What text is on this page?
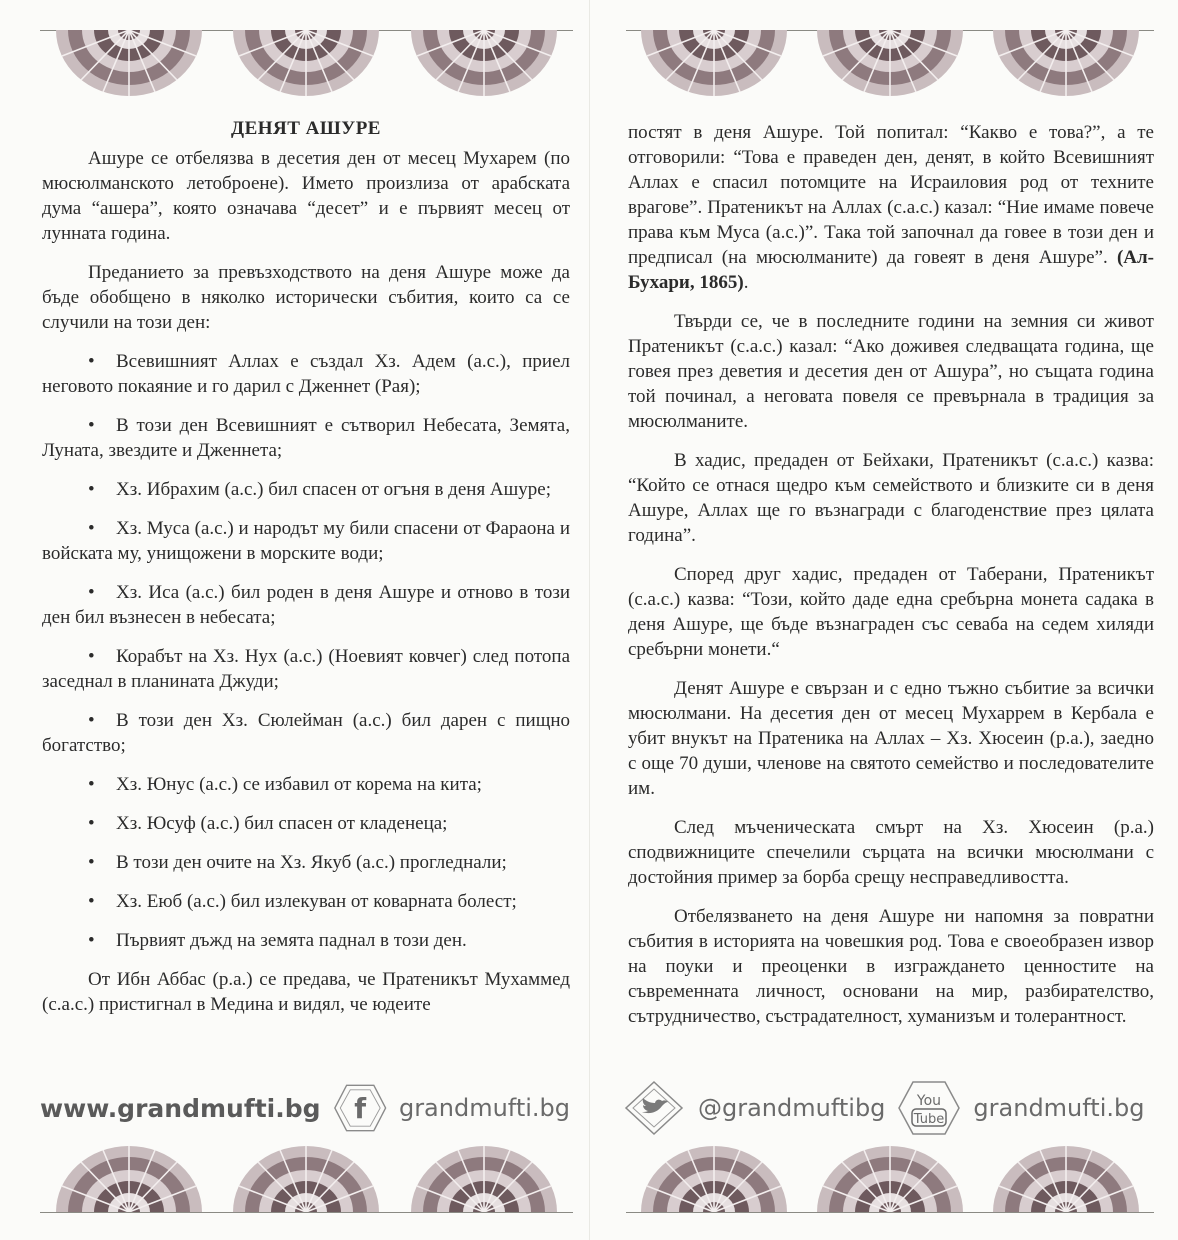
ДЕНЯТ АШУРЕ

Ашуре се отбелязва в десетия ден от месец Мухарем (по мюсюлманското летоброене). Името произлиза от арабската дума “ашера”, която означава “десет” и е първият месец от лунната година.

Преданието за превъзходството на деня Ашуре може да бъде обобщено в няколко исторически събития, които са се случили на този ден:

• Всевишният Аллах е създал Хз. Адем (а.с.), приел неговото покаяние и го дарил с Дженнет (Рая);
• В този ден Всевишният е сътворил Небесата, Земята, Луната, звездите и Дженнета;
• Хз. Ибрахим (а.с.) бил спасен от огъня в деня Ашуре;
• Хз. Муса (а.с.) и народът му били спасени от Фараона и войската му, унищожени в морските води;
• Хз. Иса (а.с.) бил роден в деня Ашуре и отново в този ден бил възнесен в небесата;
• Корабът на Хз. Нух (а.с.) (Ноевият ковчег) след потопа заседнал в планината Джуди;
• В този ден Хз. Сюлейман (а.с.) бил дарен с пищно богатство;
• Хз. Юнус (а.с.) се избавил от корема на кита;
• Хз. Юсуф (а.с.) бил спасен от кладенеца;
• В този ден очите на Хз. Якуб (а.с.) прогледнали;
• Хз. Еюб (а.с.) бил излекуван от коварната болест;
• Първият дъжд на земята паднал в този ден.

От Ибн Аббас (р.а.) се предава, че Пратеникът Мухаммед (с.а.с.) пристигнал в Медина и видял, че юдеите

www.grandmufti.bg f grandmufti.bg

постят в деня Ашуре. Той попитал: “Какво е това?”, а те отговорили: “Това е праведен ден, денят, в който Всевишният Аллах е спасил потомците на Исраиловия род от техните врагове”. Пратеникът на Аллах (с.а.с.) казал: “Ние имаме повече права към Муса (а.с.)”. Така той започнал да говее в този ден и предписал (на мюсюлманите) да говеят в деня Ашуре”. (Ал-Бухари, 1865).

Твърди се, че в последните години на земния си живот Пратеникът (с.а.с.) казал: “Ако доживея следващата година, ще говея през деветия и десетия ден от Ашура”, но същата година той починал, а неговата повеля се превърнала в традиция за мюсюлманите.

В хадис, предаден от Бейхаки, Пратеникът (с.а.с.) казва: “Който се отнася щедро към семейството и близките си в деня Ашуре, Аллах ще го възнагради с благоденствие през цялата година”.

Според друг хадис, предаден от Таберани, Пратеникът (с.а.с.) казва: “Този, който даде една сребърна монета садака в деня Ашуре, ще бъде възнаграден със севаба на седем хиляди сребърни монети.“

Денят Ашуре е свързан и с едно тъжно събитие за всички мюсюлмани. На десетия ден от месец Мухаррем в Кербала е убит внукът на Пратеника на Аллах – Хз. Хюсеин (р.а.), заедно с още 70 души, членове на святото семейство и последователите им.

След мъченическата смърт на Хз. Хюсеин (р.а.) сподвижниците спечелили сърцата на всички мюсюлмани с достойния пример за борба срещу несправедливостта.

Отбелязването на деня Ашуре ни напомня за повратни събития в историята на човешкия род. Това е своеобразен извор на поуки и преоценки в изграждането ценностите на съвременната личност, основани на мир, разбирателство, сътрудничество, състрадателност, хуманизъм и толерантност.

@grandmuftibg You
Tube grandmufti.bg
